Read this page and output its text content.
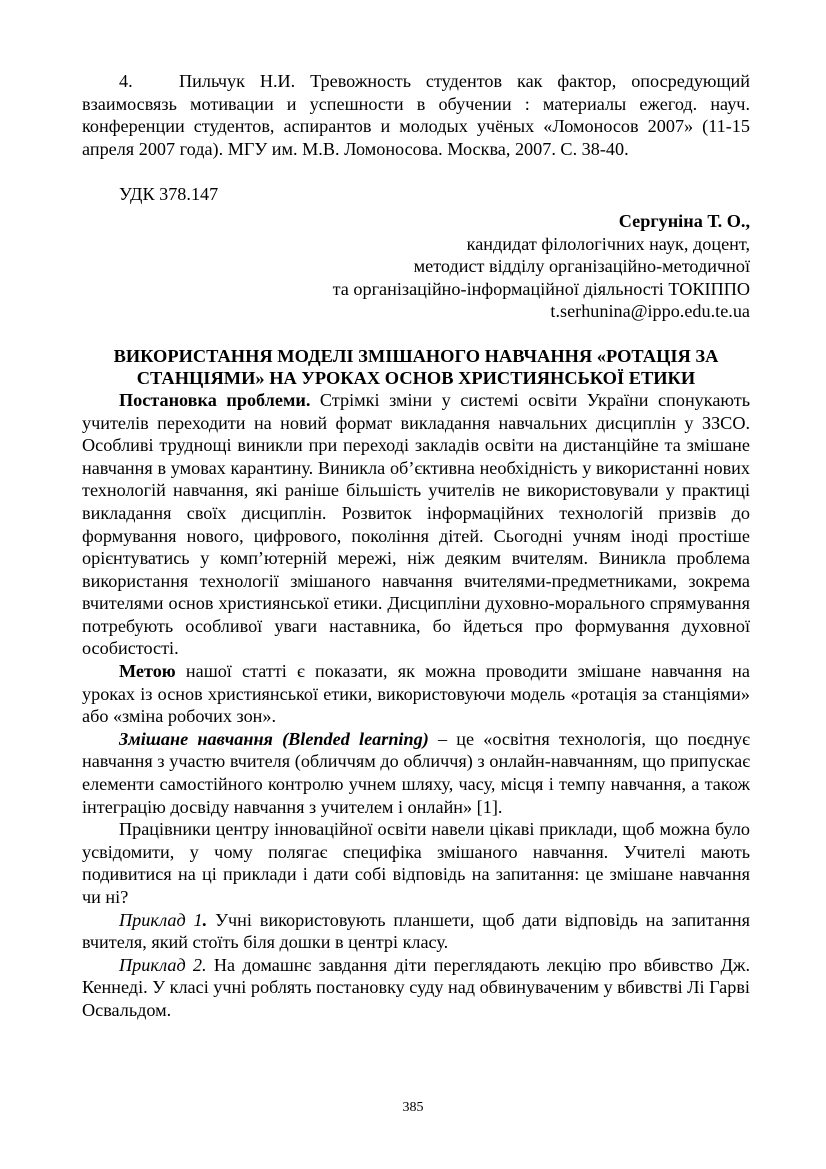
4.	Пильчук Н.И. Тревожность студентов как фактор, опосредующий взаимосвязь мотивации и успешности в обучении : материалы ежегод. науч. конференции студентов, аспирантов и молодых учёных «Ломоносов 2007» (11-15 апреля 2007 года). МГУ им. М.В. Ломоносова. Москва, 2007. С. 38-40.

УДК 378.147

Сергуніна Т. О.,

кандидат філологічних наук, доцент,

методист відділу організаційно-методичної

та організаційно-інформаційної діяльності ТОКІППО

t.serhunina@ippo.edu.te.ua

ВИКОРИСТАННЯ МОДЕЛІ ЗМІШАНОГО НАВЧАННЯ «РОТАЦІЯ ЗА СТАНЦІЯМИ» НА УРОКАХ ОСНОВ ХРИСТИЯНСЬКОЇ ЕТИКИ

Постановка проблеми. Стрімкі зміни у системі освіти України спонукають учителів переходити на новий формат викладання навчальних дисциплін у ЗЗСО. Особливі труднощі виникли при переході закладів освіти на дистанційне та змішане навчання в умовах карантину. Виникла об’єктивна необхідність у використанні нових технологій навчання, які раніше більшість учителів не використовували у практиці викладання своїх дисциплін. Розвиток інформаційних технологій призвів до формування нового, цифрового, покоління дітей. Сьогодні учням іноді простіше орієнтуватись у комп’ютерній мережі, ніж деяким вчителям. Виникла проблема використання технології змішаного навчання вчителями-предметниками, зокрема вчителями основ християнської етики. Дисципліни духовно-морального спрямування потребують особливої уваги наставника, бо йдеться про формування духовної особистості.

Метою нашої статті є показати, як можна проводити змішане навчання на уроках із основ християнської етики, використовуючи модель «ротація за станціями» або «зміна робочих зон».

Змішане навчання (Blended learning) – це «освітня технологія, що поєднує навчання з участю вчителя (обличчям до обличчя) з онлайн-навчанням, що припускає елементи самостійного контролю учнем шляху, часу, місця і темпу навчання, а також інтеграцію досвіду навчання з учителем і онлайн» [1].

Працівники центру інноваційної освіти навели цікаві приклади, щоб можна було усвідомити, у чому полягає специфіка змішаного навчання. Учителі мають подивитися на ці приклади і дати собі відповідь на запитання: це змішане навчання чи ні?

Приклад 1. Учні використовують планшети, щоб дати відповідь на запитання вчителя, який стоїть біля дошки в центрі класу.

Приклад 2. На домашнє завдання діти переглядають лекцію про вбивство Дж. Кеннеді. У класі учні роблять постановку суду над обвинуваченим у вбивстві Лі Гарві Освальдом.

385
